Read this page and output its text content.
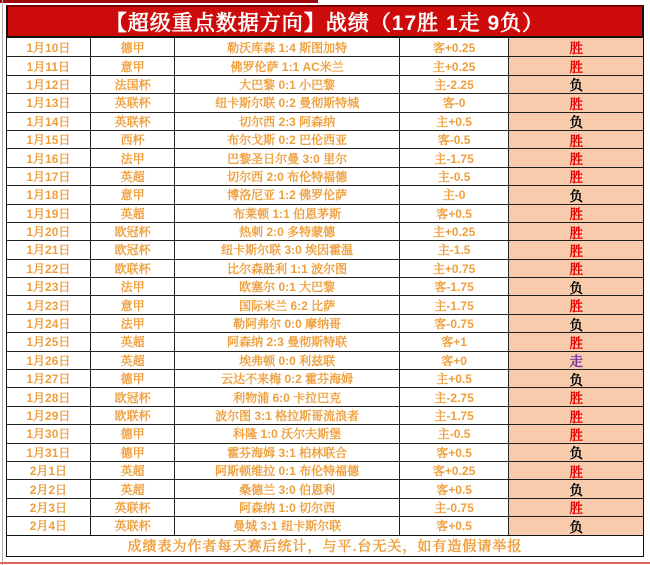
【超级重点数据方向】战绩（17胜 1走 9负）
1月10日	德甲	勒沃库森 1:4 斯图加特	客+0.25	胜
1月11日	意甲	佛罗伦萨 1:1 AC米兰	主+0.25	胜
1月12日	法国杯	大巴黎 0:1 小巴黎	主-2.25	负
1月13日	英联杯	纽卡斯尔联 0:2 曼彻斯特城	客-0	胜
1月14日	英联杯	切尔西 2:3 阿森纳	主+0.5	负
1月15日	西杯	布尔戈斯 0:2 巴伦西亚	客-0.5	胜
1月16日	法甲	巴黎圣日尔曼 3:0 里尔	主-1.75	胜
1月17日	英超	切尔西 2:0 布伦特福德	主-0.5	胜
1月18日	意甲	博洛尼亚 1:2 佛罗伦萨	主-0	负
1月19日	英超	布莱顿 1:1 伯恩茅斯	客+0.5	胜
1月20日	欧冠杯	热刺 2:0 多特蒙德	主+0.25	胜
1月21日	欧冠杯	纽卡斯尔联 3:0 埃因霍温	主-1.5	胜
1月22日	欧联杯	比尔森胜利 1:1 波尔图	主+0.75	胜
1月23日	法甲	欧塞尔 0:1 大巴黎	客-1.75	负
1月23日	意甲	国际米兰 6:2 比萨	主-1.75	胜
1月24日	法甲	勒阿弗尔 0:0 摩纳哥	客-0.75	负
1月25日	英超	阿森纳 2:3 曼彻斯特联	客+1	胜
1月26日	英超	埃弗顿 0:0 利兹联	客+0	走
1月27日	德甲	云达不来梅 0:2 霍芬海姆	主+0.5	负
1月28日	欧冠杯	利物浦 6:0 卡拉巴克	主-2.75	胜
1月29日	欧联杯	波尔图 3:1 格拉斯哥流浪者	主-1.75	胜
1月30日	德甲	科隆 1:0 沃尔夫斯堡	主-0.5	胜
1月31日	德甲	霍芬海姆 3:1 柏林联合	客+0.5	负
2月1日	英超	阿斯顿维拉 0:1 布伦特福德	客+0.25	胜
2月2日	英超	桑德兰 3:0 伯恩利	客+0.5	负
2月3日	英联杯	阿森纳 1:0 切尔西	主-0.75	胜
2月4日	英联杯	曼城 3:1 纽卡斯尔联	客+0.5	负
成绩表为作者每天赛后统计，与平.台无关，如有造假请举报
